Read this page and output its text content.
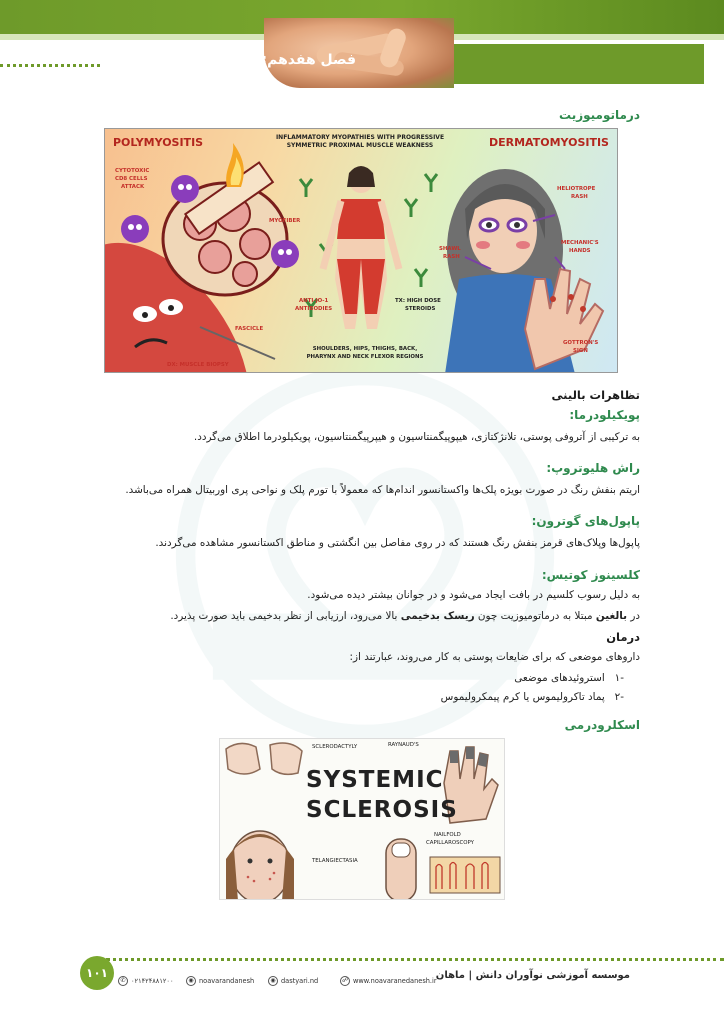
فصل هفدهم: بیماری‌های بافت همبند
درماتومیوزیت
POLYMYOSITIS	DERMATOMYOSITIS
INFLAMMATORY MYOPATHIES WITH PROGRESSIVE
SYMMETRIC PROXIMAL MUSCLE WEAKNESS
CYTOTOXIC
CD8 CELLS
ATTACK
MYOFIBER
FASCICLE
DX: MUSCLE BIOPSY
ANTI-JO-1
ANTIBODIES
TX: HIGH DOSE
STEROIDS
SHOULDERS, HIPS, THIGHS, BACK,
PHARYNX AND NECK FLEXOR REGIONS
SHAWL
RASH
HELIOTROPE
RASH
MECHANIC'S
HANDS
GOTTRON'S
SIGN
تظاهرات بالینی
پویکیلودرما:
به ترکیبی از آتروفی پوستی، تلانژکتازی، هیپوپیگمنتاسیون و هیپرپیگمنتاسیون، پویکیلودرما اطلاق می‌گردد.
راش هلیوتروپ:
اریتم بنفش رنگ در صورت بویژه پلک‌ها واکستانسور اندام‌ها که معمولاً با تورم پلک و نواحی پری اوربیتال همراه می‌باشد.
پاپول‌های گوترون:
پاپول‌ها وپلاک‌های قرمز بنفش رنگ هستند که در روی مفاصل بین انگشتی و مناطق اکستانسور مشاهده می‌گردند.
کلسینوز کوتیس:
به دلیل رسوب کلسیم در بافت ایجاد می‌شود و در جوانان بیشتر دیده می‌شود.
در بالغین مبتلا به درماتومیوزیت چون ریسک بدخیمی بالا می‌رود، ارزیابی از نظر بدخیمی باید صورت پذیرد.
درمان
داروهای موضعی که برای ضایعات پوستی به کار می‌روند، عبارتند از:
-۱   استروئیدهای موضعی
-۲   پماد تاکرولیموس یا کرم پیمکرولیموس
اسکلرودرمی
SCLERODACTYLY	RAYNAUD'S
SYSTEMIC
SCLEROSIS
NAILFOLD
CAPILLAROSCOPY
TELANGIECTASIA
۱۰۱	موسسه آموزشی نوآوران دانش | ماهان
✆ ۰۲۱۴۲۴۸۸۱۲۰۰	◉ noavarandanesh	◉ dastyari.nd	☍ www.noavaranedanesh.ir
